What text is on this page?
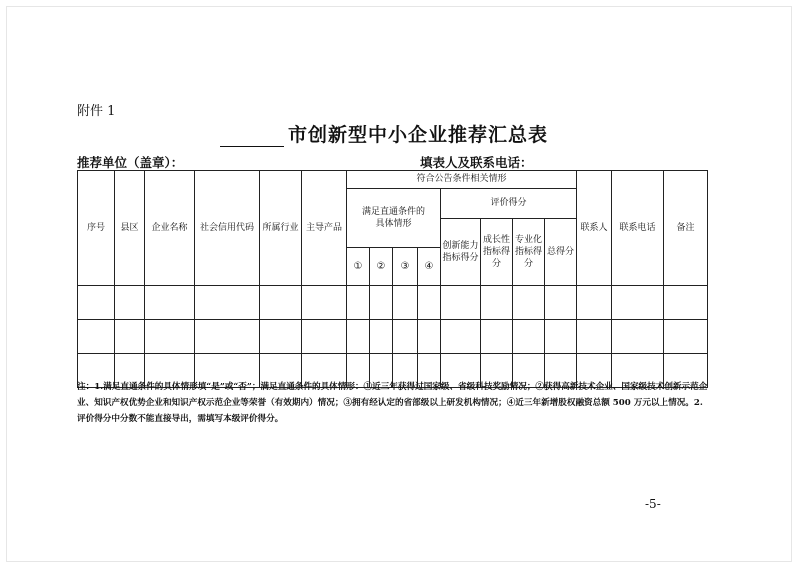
附件 1
市创新型中小企业推荐汇总表
推荐单位（盖章）：	填表人及联系电话：
序号	县区	企业名称	社会信用代码	所属行业	主导产品	符合公告条件相关情形								联系人	联系电话	备注
						满足直通条件的具体情形				评价得分						
										创新能力指标得分	成长性指标得分	专业化指标得分	总得分			
						①	②	③	④							

注：1.满足直通条件的具体情形填“是”或“否”；满足直通条件的具体情形：①近三年获得过国家级、省级科技奖励情况；②获得高新技术企业、国家级技术创新示范企业、知识产权优势企业和知识产权示范企业等荣誉（有效期内）情况；③拥有经认定的省部级以上研发机构情况；④近三年新增股权融资总额 500 万元以上情况。2.评价得分中分数不能直接导出，需填写本级评价得分。
-5-
